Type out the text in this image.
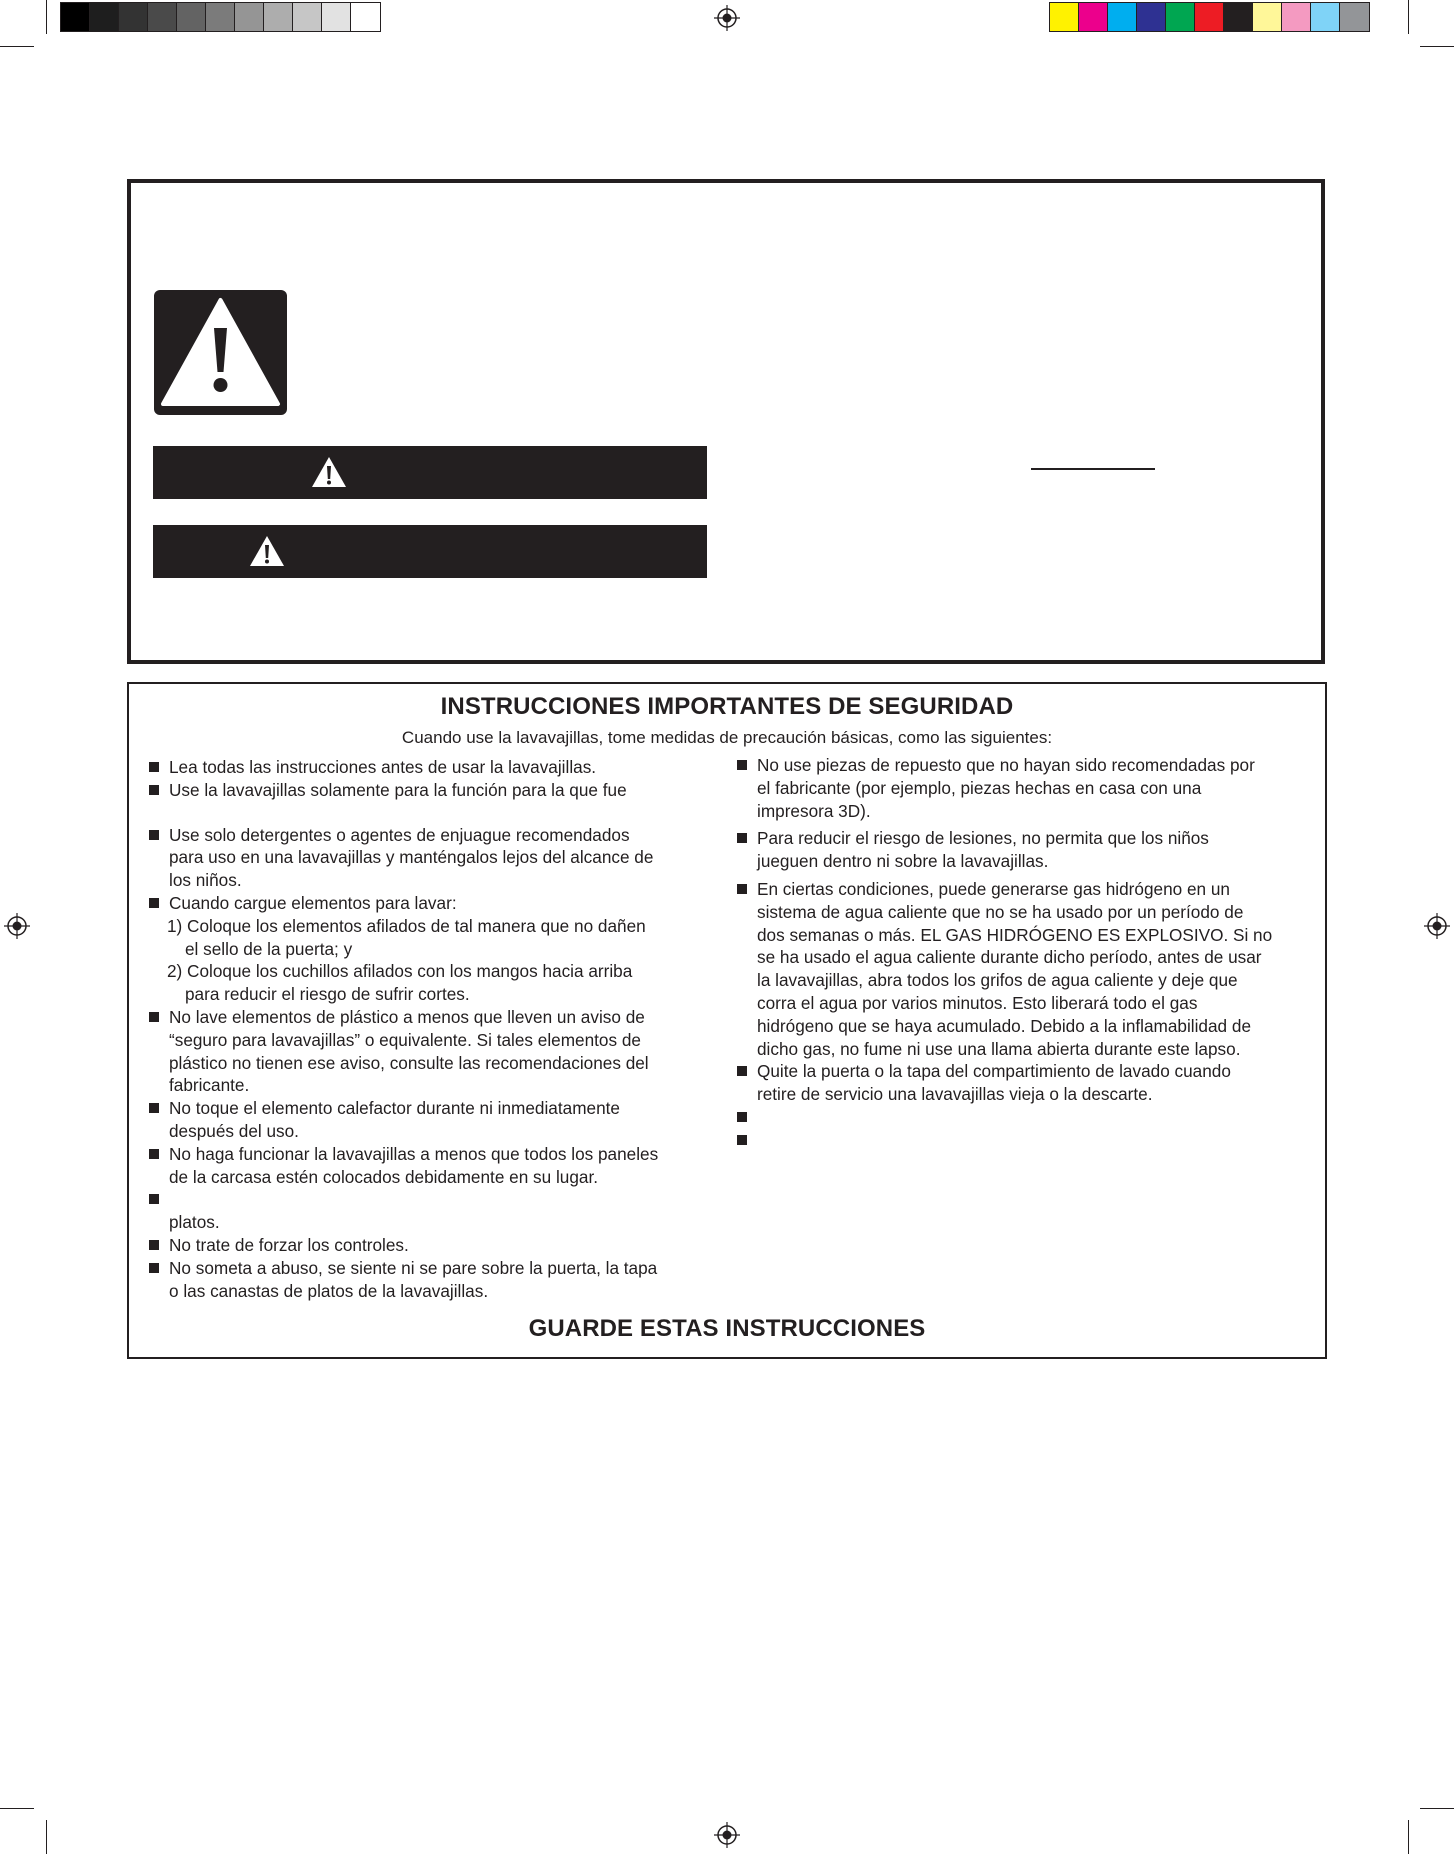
INSTRUCCIONES IMPORTANTES DE SEGURIDAD
Cuando use la lavavajillas, tome medidas de precaución básicas, como las siguientes:
Lea todas las instrucciones antes de usar la lavavajillas.
Use la lavavajillas solamente para la función para la que fue
Use solo detergentes o agentes de enjuague recomendados
para uso en una lavavajillas y manténgalos lejos del alcance de
los niños.
Cuando cargue elementos para lavar:
1) Coloque los elementos afilados de tal manera que no dañen
el sello de la puerta; y
2) Coloque los cuchillos afilados con los mangos hacia arriba
para reducir el riesgo de sufrir cortes.
No lave elementos de plástico a menos que lleven un aviso de
“seguro para lavavajillas” o equivalente. Si tales elementos de
plástico no tienen ese aviso, consulte las recomendaciones del
fabricante.
No toque el elemento calefactor durante ni inmediatamente
después del uso.
No haga funcionar la lavavajillas a menos que todos los paneles
de la carcasa estén colocados debidamente en su lugar.
platos.
No trate de forzar los controles.
No someta a abuso, se siente ni se pare sobre la puerta, la tapa
o las canastas de platos de la lavavajillas.
No use piezas de repuesto que no hayan sido recomendadas por
el fabricante (por ejemplo, piezas hechas en casa con una
impresora 3D).
Para reducir el riesgo de lesiones, no permita que los niños
jueguen dentro ni sobre la lavavajillas.
En ciertas condiciones, puede generarse gas hidrógeno en un
sistema de agua caliente que no se ha usado por un período de
dos semanas o más. EL GAS HIDRÓGENO ES EXPLOSIVO. Si no
se ha usado el agua caliente durante dicho período, antes de usar
la lavavajillas, abra todos los grifos de agua caliente y deje que
corra el agua por varios minutos. Esto liberará todo el gas
hidrógeno que se haya acumulado. Debido a la inflamabilidad de
dicho gas, no fume ni use una llama abierta durante este lapso.
Quite la puerta o la tapa del compartimiento de lavado cuando
retire de servicio una lavavajillas vieja o la descarte.
GUARDE ESTAS INSTRUCCIONES
